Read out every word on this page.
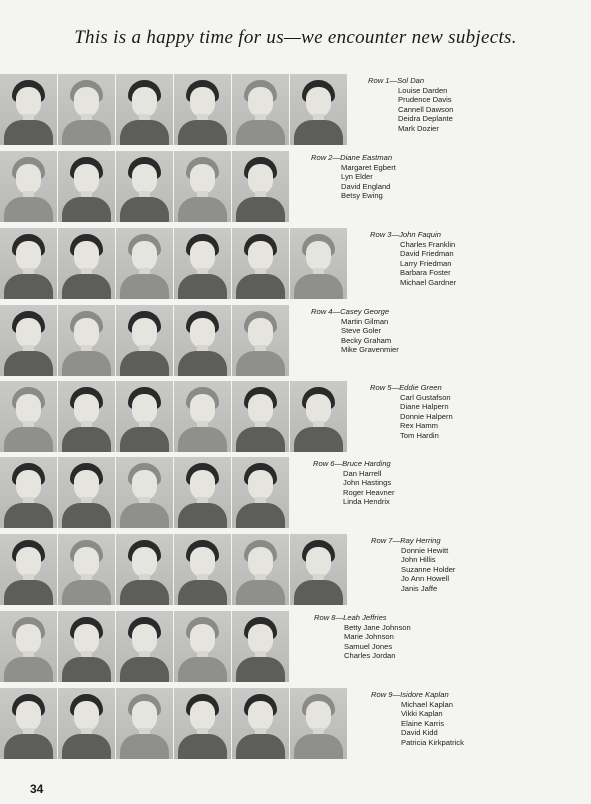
This is a happy time for us—we encounter new subjects.
Row 1—Sol Dan
Louise Darden
Prudence Davis
Cannell Dawson
Deidra Deplante
Mark Dozier
Row 2—Diane Eastman
Margaret Egbert
Lyn Elder
David England
Betsy Ewing
Row 3—John Faquin
Charles Franklin
David Friedman
Larry Friedman
Barbara Foster
Michael Gardner
Row 4—Casey George
Martin Gilman
Steve Goler
Becky Graham
Mike Gravenmier
Row 5—Eddie Green
Carl Gustafson
Diane Halpern
Donnie Halpern
Rex Hamm
Tom Hardin
Row 6—Bruce Harding
Dan Harrell
John Hastings
Roger Heavner
Linda Hendrix
Row 7—Ray Herring
Donnie Hewitt
John Hillis
Suzanne Holder
Jo Ann Howell
Janis Jaffe
Row 8—Leah Jeffries
Betty Jane Johnson
Marie Johnson
Samuel Jones
Charles Jordan
Row 9—Isidore Kaplan
Michael Kaplan
Vikki Kaplan
Elaine Karris
David Kidd
Patricia Kirkpatrick
34
